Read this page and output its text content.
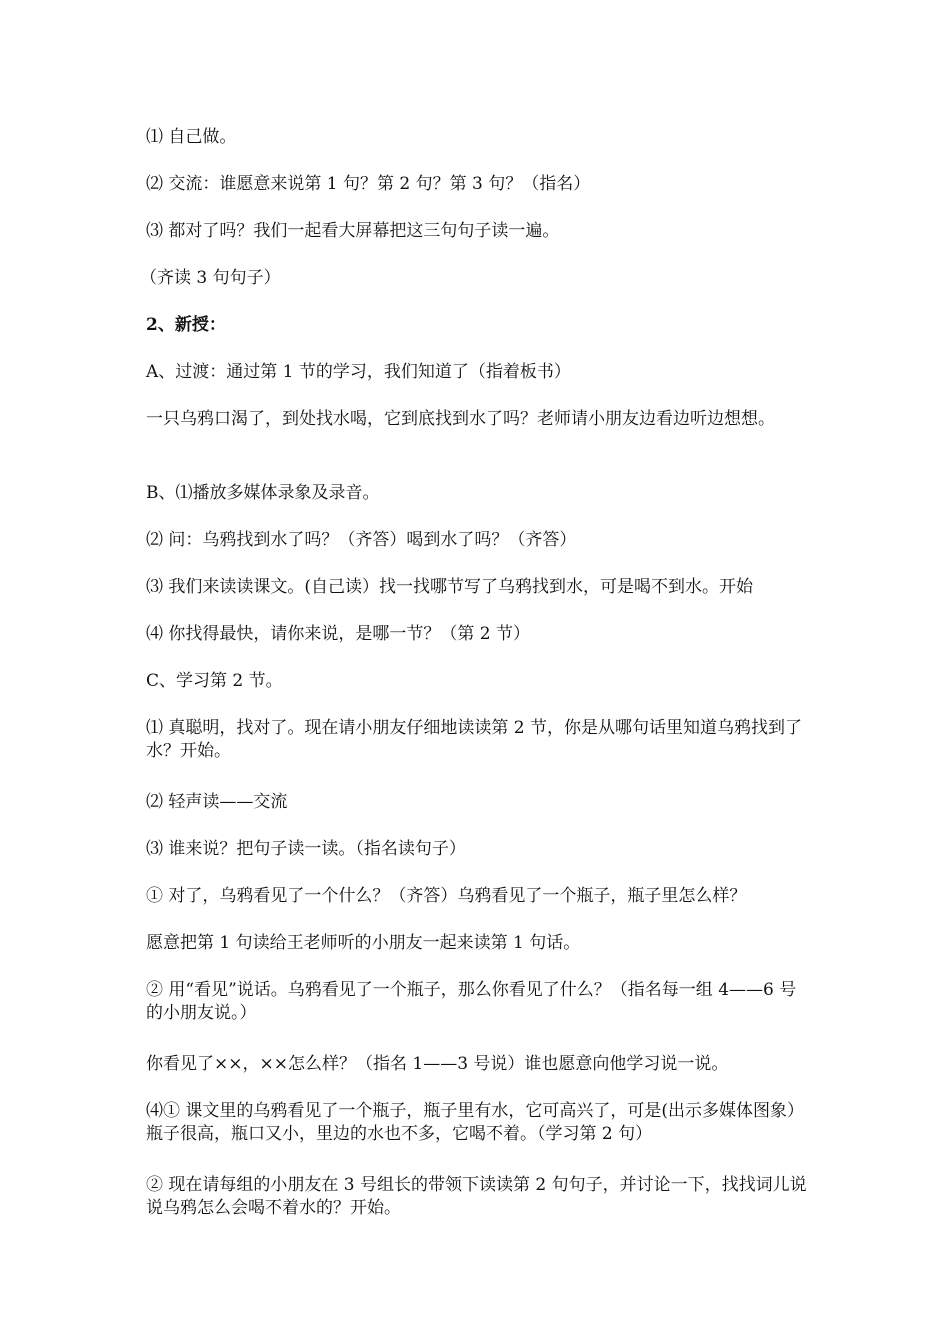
⑴ 自己做。

⑵ 交流：谁愿意来说第 1 句？第 2 句？第 3 句？（指名）

⑶ 都对了吗？我们一起看大屏幕把这三句句子读一遍。

（齐读 3 句句子）

2、新授：

A、过渡：通过第 1 节的学习，我们知道了（指着板书）

一只乌鸦口渴了，到处找水喝，它到底找到水了吗？老师请小朋友边看边听边想想。

B、⑴播放多媒体录象及录音。

⑵ 问：乌鸦找到水了吗？（齐答）喝到水了吗？（齐答）

⑶ 我们来读读课文。(自己读）找一找哪节写了乌鸦找到水，可是喝不到水。开始

⑷ 你找得最快，请你来说，是哪一节？（第 2 节）

C、学习第 2 节。

⑴ 真聪明，找对了。现在请小朋友仔细地读读第 2 节，你是从哪句话里知道乌鸦找到了水？开始。

⑵ 轻声读——交流

⑶ 谁来说？把句子读一读。（指名读句子）

① 对了，乌鸦看见了一个什么？（齐答）乌鸦看见了一个瓶子，瓶子里怎么样？

愿意把第 1 句读给王老师听的小朋友一起来读第 1 句话。

② 用“看见”说话。乌鸦看见了一个瓶子，那么你看见了什么？（指名每一组 4——6 号的小朋友说。）

你看见了××，××怎么样？（指名 1——3 号说）谁也愿意向他学习说一说。

⑷① 课文里的乌鸦看见了一个瓶子，瓶子里有水，它可高兴了，可是(出示多媒体图象）瓶子很高，瓶口又小，里边的水也不多，它喝不着。（学习第 2 句）

② 现在请每组的小朋友在 3 号组长的带领下读读第 2 句句子，并讨论一下，找找词儿说说乌鸦怎么会喝不着水的？开始。
